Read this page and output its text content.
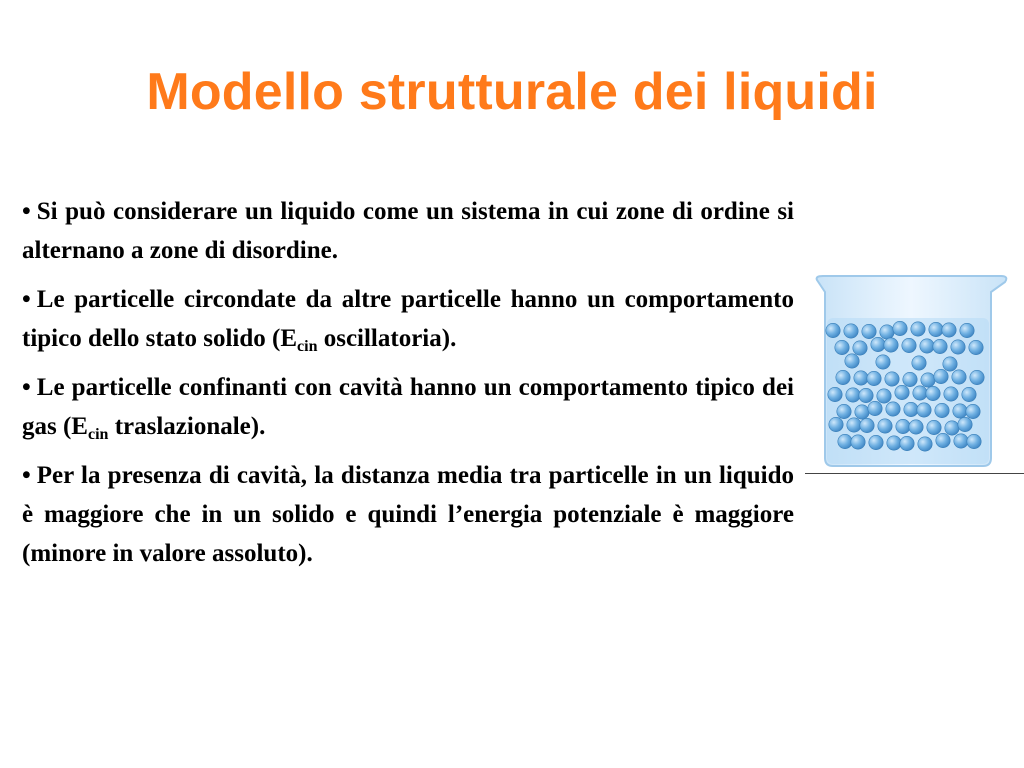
Modello strutturale dei liquidi

• Si può considerare un liquido come un sistema in cui zone di ordine si alternano a zone di disordine.

• Le particelle circondate da altre particelle hanno un comportamento tipico dello stato solido ($E_{cin}$ oscillatoria).

• Le particelle confinanti con cavità hanno un comportamento tipico dei gas ($E_{cin}$ traslazionale).

• Per la presenza di cavità, la distanza media tra particelle in un liquido è maggiore che in un solido e quindi l’energia potenziale è maggiore (minore in valore assoluto).
